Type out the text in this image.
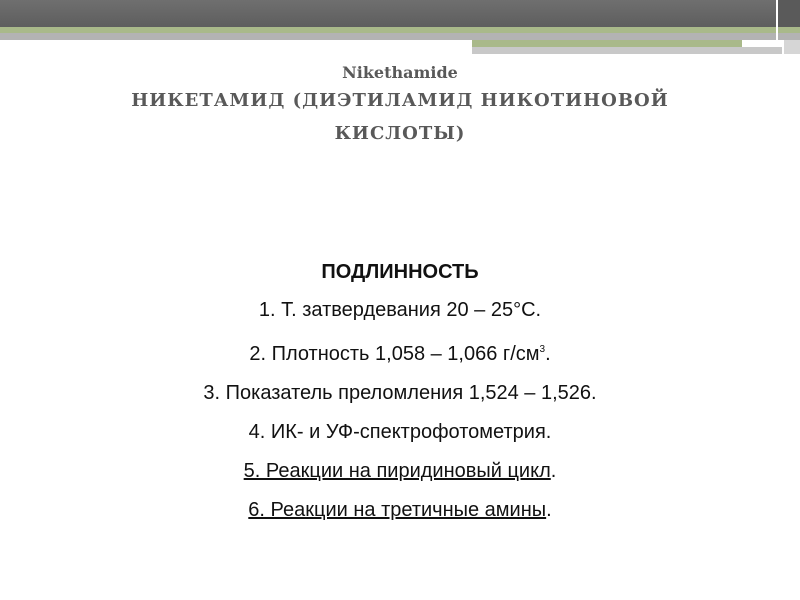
Nikethamide
НИКЕТАМИД (ДИЭТИЛАМИД НИКОТИНОВОЙ КИСЛОТЫ)
ПОДЛИННОСТЬ
1. Т. затвердевания 20 – 25°С.
2. Плотность 1,058 – 1,066 $г/см^3$.
3. Показатель преломления 1,524 – 1,526.
4. ИК- и УФ-спектрофотометрия.
5. Реакции на пиридиновый цикл.
6. Реакции на третичные амины.
